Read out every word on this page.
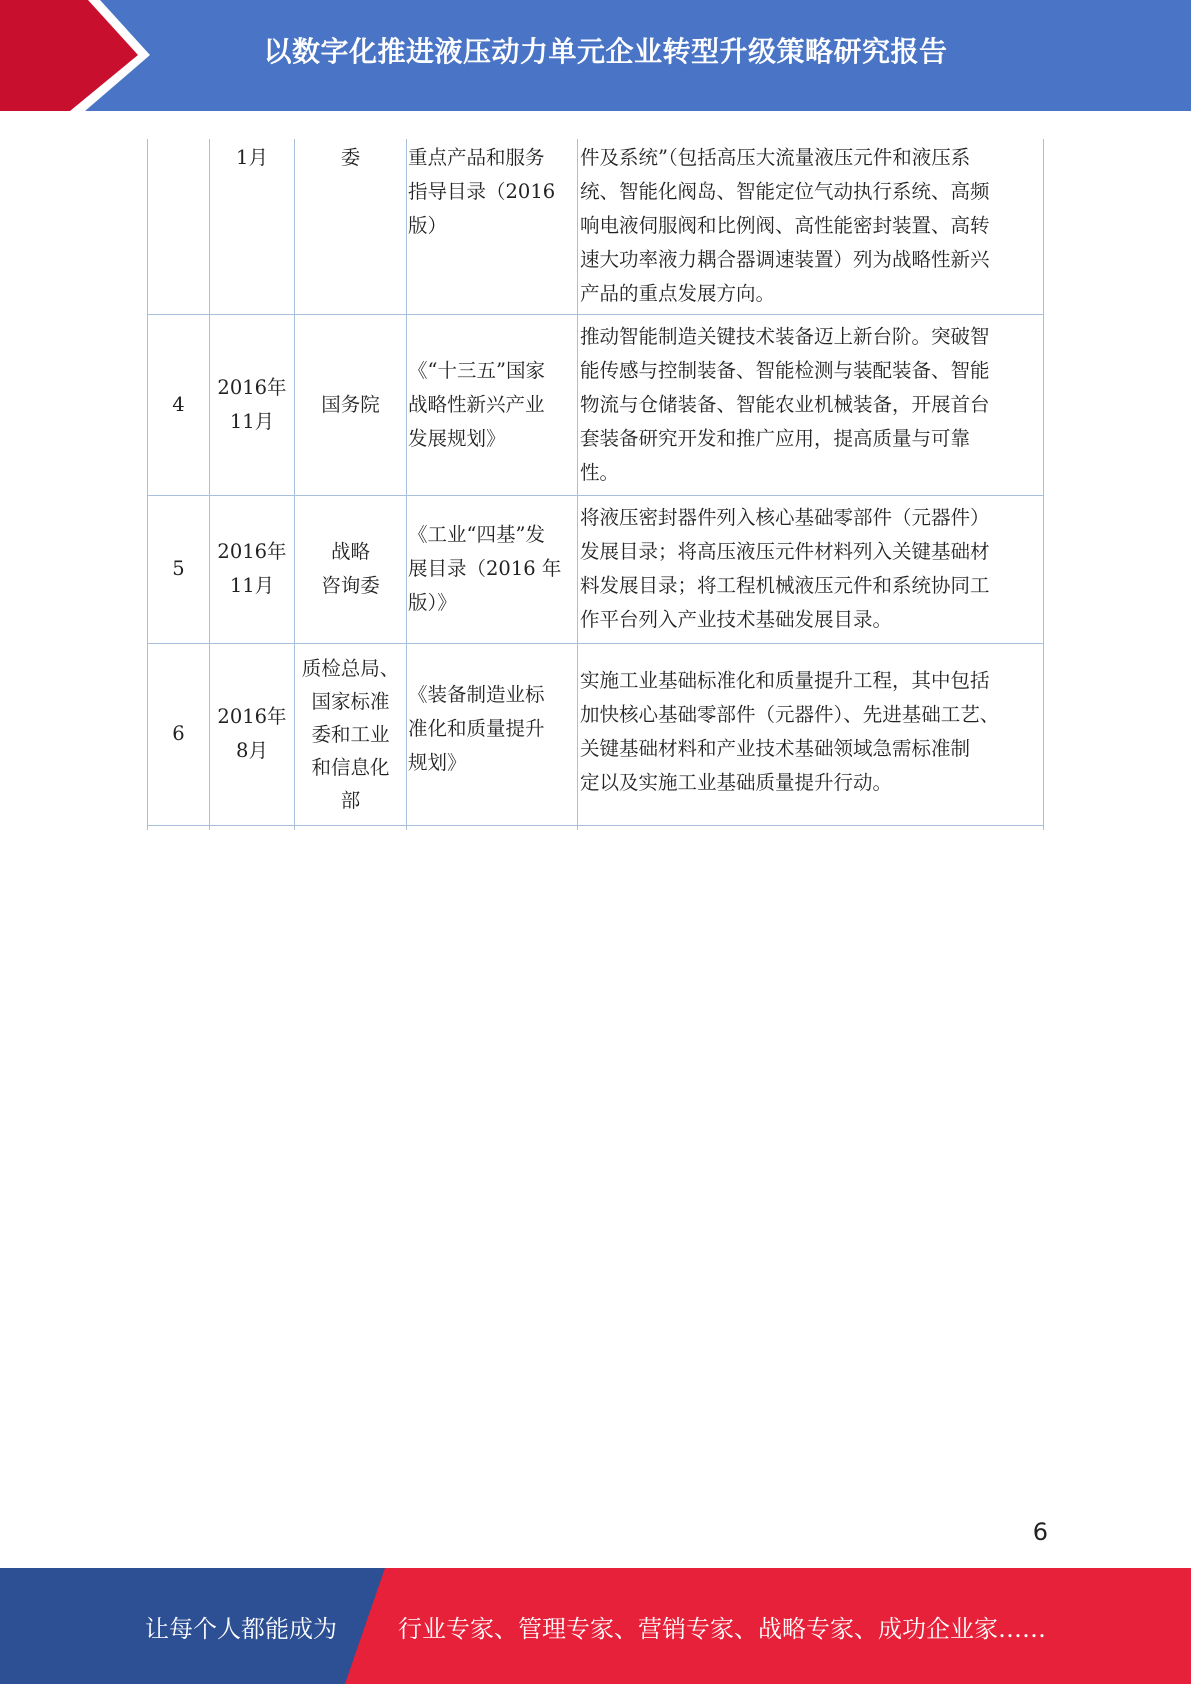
以数字化推进液压动力单元企业转型升级策略研究报告

	1月	委	重点产品和服务
指导目录（2016
版）	件及系统”（包括高压大流量液压元件和液压系
统、智能化阀岛、智能定位气动执行系统、高频
响电液伺服阀和比例阀、高性能密封装置、高转
速大功率液力耦合器调速装置）列为战略性新兴
产品的重点发展方向。

4	2016年
11月	国务院	《“十三五”国家
战略性新兴产业
发展规划》	推动智能制造关键技术装备迈上新台阶。突破智
能传感与控制装备、智能检测与装配装备、智能
物流与仓储装备、智能农业机械装备，开展首台
套装备研究开发和推广应用，提高质量与可靠
性。

5	2016年
11月	战略
咨询委	《工业“四基”发
展目录（2016 年
版）》	将液压密封器件列入核心基础零部件（元器件）
发展目录；将高压液压元件材料列入关键基础材
料发展目录；将工程机械液压元件和系统协同工
作平台列入产业技术基础发展目录。

6	2016年
8月	质检总局、
国家标准
委和工业
和信息化
部	《装备制造业标
准化和质量提升
规划》	实施工业基础标准化和质量提升工程，其中包括
加快核心基础零部件（元器件）、先进基础工艺、
关键基础材料和产业技术基础领域急需标准制
定以及实施工业基础质量提升行动。

6
让每个人都能成为	行业专家、管理专家、营销专家、战略专家、成功企业家……
